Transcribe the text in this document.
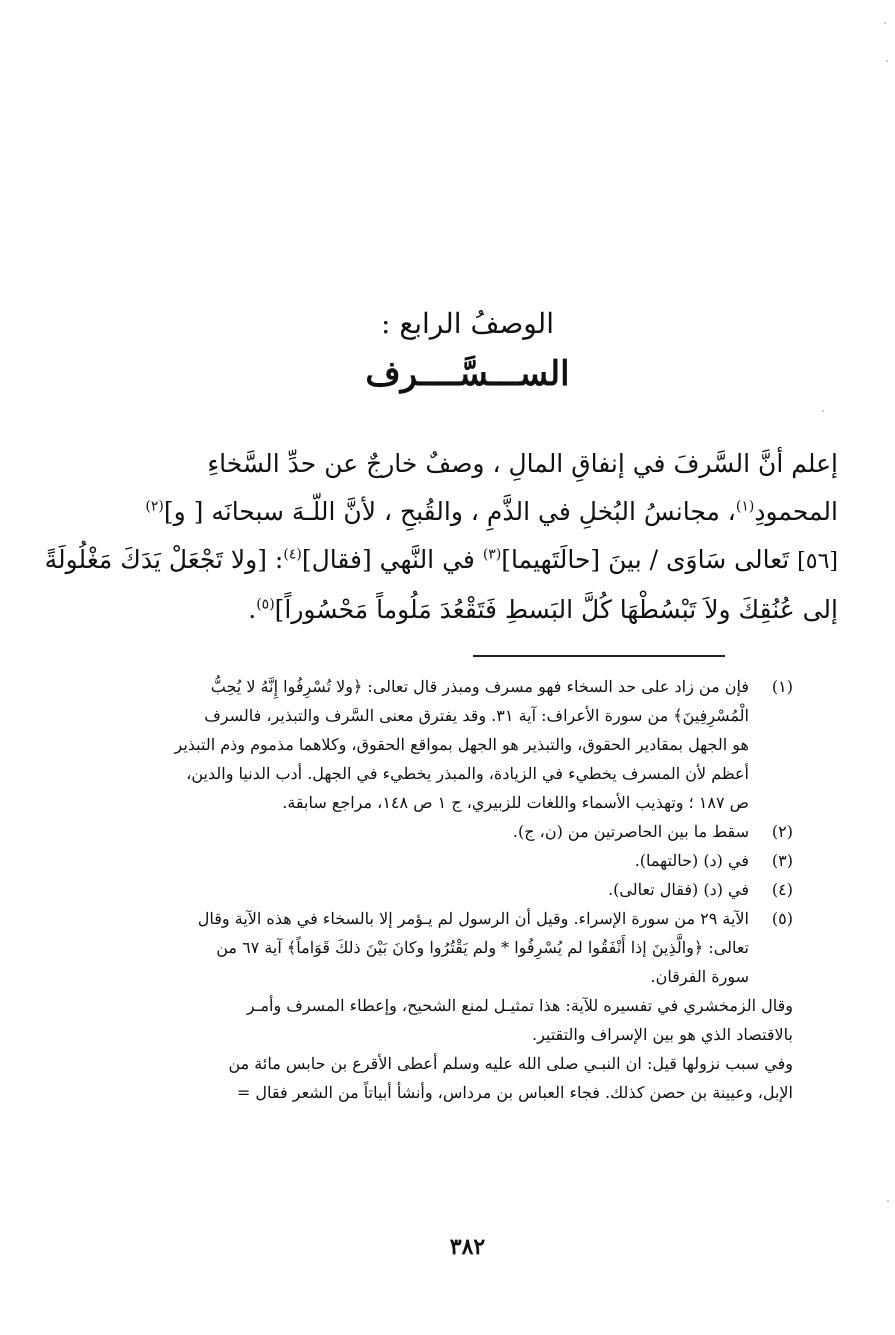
الوصفُ الرابع :
الســـسَّــــرف
إعلم أنَّ السَّرفَ في إنفاقِ المالِ ، وصفٌ خارجٌ عن حدِّ السَّخاءِ
المحمودِ$^{(١)}$، مجانسُ البُخلِ في الذَّمِ ، والقُبحِ ، لأنَّ اللّـهَ سبحانَه [ و]$^{(٢)}$
[٥٦] تَعالى سَاوَى / بينَ [حالَتَهيما]$^{(٣)}$ في النَّهي [فقال]$^{(٤)}$: [ولا تَجْعَلْ يَدَكَ مَغْلُولَةً
إلى عُنُقِكَ ولاَ تَبْسُطْهَا كُلَّ البَسطِ فَتَقْعُدَ مَلُوماً مَحْسُوراً]$^{(٥)}$.
(١)
فإن من زاد على حد السخاء فهو مسرف ومبذر قال تعالى: ﴿ولا تُسْرِفُوا إِنَّهُ لا يُحِبُّ
الْمُسْرِفِينَ﴾ من سورة الأعراف: آية ٣١. وقد يفترق معنى السَّرف والتبذير، فالسرف
هو الجهل بمقادير الحقوق، والتبذير هو الجهل بمواقع الحقوق، وكلاهما مذموم وذم التبذير
أعظم لأن المسرف يخطيء في الزيادة، والمبذر يخطيء في الجهل. أدب الدنيا والدين،
ص ١٨٧ ؛ وتهذيب الأسماء واللغات للزبيري، ج ١ ص ١٤٨، مراجع سابقة.
(٢)
سقط ما بين الحاصرتين من (ن، ج).
(٣)
في (د) (حالتهما).
(٤)
في (د) (فقال تعالى).
(٥)
الآية ٢٩ من سورة الإسراء. وقيل أن الرسول لم يـؤمر إلا بالسخاء في هذه الآية وقال
تعالى: ﴿والَّذِينَ إذا أَنْفَقُوا لم يُسْرِفُوا * ولم يَقْتُرُوا وكانَ بَيْنَ ذلكَ قَوَاماً﴾ آية ٦٧ من
سورة الفرقان.
وقال الزمخشري في تفسيره للآية: هذا تمثيـل لمنع الشحيح، وإعطاء المسرف وأمـر
بالاقتصاد الذي هو بين الإسراف والتقتير.
وفي سبب نزولها قيل: ان النبـي صلى الله عليه وسلم أعطى الأقرع بن حابس مائة من
الإبل، وعيينة بن حصن كذلك. فجاء العباس بن مرداس، وأنشأ أبياتاً من الشعر فقال =
٣٨٢
